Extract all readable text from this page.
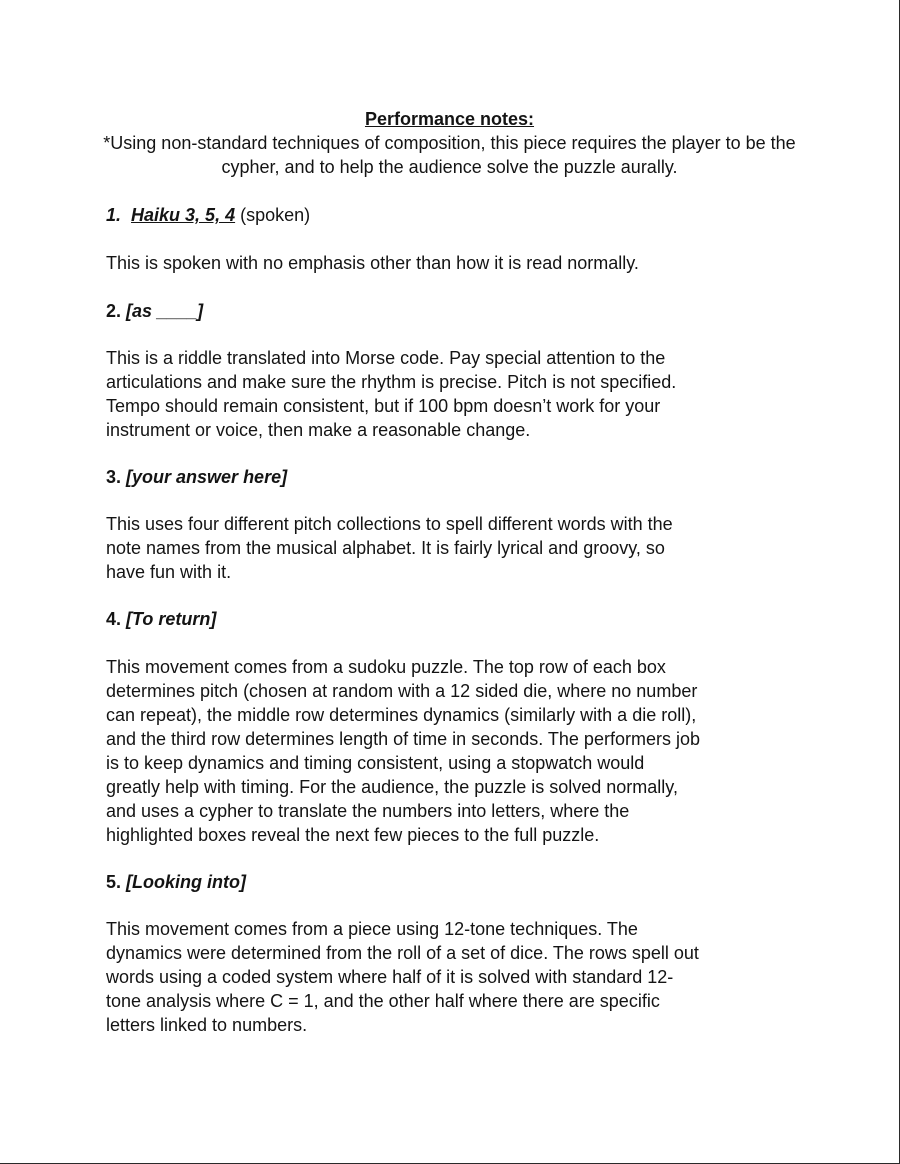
Performance notes:
*Using non-standard techniques of composition, this piece requires the player to be the cypher, and to help the audience solve the puzzle aurally.
1. Haiku 3, 5, 4 (spoken)
This is spoken with no emphasis other than how it is read normally.
2. [as ____]
This is a riddle translated into Morse code. Pay special attention to the
articulations and make sure the rhythm is precise. Pitch is not specified.
Tempo should remain consistent, but if 100 bpm doesn’t work for your
instrument or voice, then make a reasonable change.
3. [your answer here]
This uses four different pitch collections to spell different words with the
note names from the musical alphabet. It is fairly lyrical and groovy, so
have fun with it.
4. [To return]
This movement comes from a sudoku puzzle. The top row of each box
determines pitch (chosen at random with a 12 sided die, where no number
can repeat), the middle row determines dynamics (similarly with a die roll),
and the third row determines length of time in seconds. The performers job
is to keep dynamics and timing consistent, using a stopwatch would
greatly help with timing. For the audience, the puzzle is solved normally,
and uses a cypher to translate the numbers into letters, where the
highlighted boxes reveal the next few pieces to the full puzzle.
5. [Looking into]
This movement comes from a piece using 12-tone techniques. The
dynamics were determined from the roll of a set of dice. The rows spell out
words using a coded system where half of it is solved with standard 12-
tone analysis where C = 1, and the other half where there are specific
letters linked to numbers.
